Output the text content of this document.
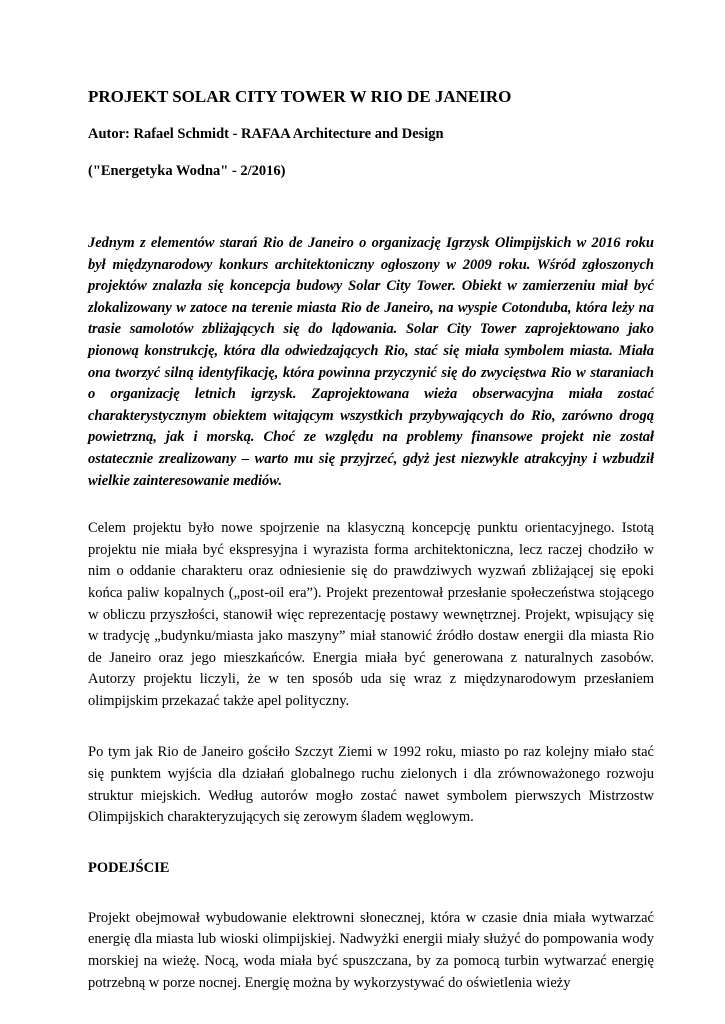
PROJEKT SOLAR CITY TOWER W RIO DE JANEIRO
Autor: Rafael Schmidt - RAFAA Architecture and Design
("Energetyka Wodna" - 2/2016)

Jednym z elementów starań Rio de Janeiro o organizację Igrzysk Olimpijskich w 2016 roku był międzynarodowy konkurs architektoniczny ogłoszony w 2009 roku. Wśród zgłoszonych projektów znalazła się koncepcja budowy Solar City Tower. Obiekt w zamierzeniu miał być zlokalizowany w zatoce na terenie miasta Rio de Janeiro, na wyspie Cotonduba, która leży na trasie samolotów zbliżających się do lądowania. Solar City Tower zaprojektowano jako pionową konstrukcję, która dla odwiedzających Rio, stać się miała symbolem miasta. Miała ona tworzyć silną identyfikację, która powinna przyczynić się do zwycięstwa Rio w staraniach o organizację letnich igrzysk. Zaprojektowana wieża obserwacyjna miała zostać charakterystycznym obiektem witającym wszystkich przybywających do Rio, zarówno drogą powietrzną, jak i morską. Choć ze względu na problemy finansowe projekt nie został ostatecznie zrealizowany – warto mu się przyjrzeć, gdyż jest niezwykle atrakcyjny i wzbudził wielkie zainteresowanie mediów.

Celem projektu było nowe spojrzenie na klasyczną koncepcję punktu orientacyjnego. Istotą projektu nie miała być ekspresyjna i wyrazista forma architektoniczna, lecz raczej chodziło w nim o oddanie charakteru oraz odniesienie się do prawdziwych wyzwań zbliżającej się epoki końca paliw kopalnych („post-oil era”). Projekt prezentował przesłanie społeczeństwa stojącego w obliczu przyszłości, stanowił więc reprezentację postawy wewnętrznej. Projekt, wpisujący się w tradycję „budynku/miasta jako maszyny” miał stanowić źródło dostaw energii dla miasta Rio de Janeiro oraz jego mieszkańców. Energia miała być generowana z naturalnych zasobów. Autorzy projektu liczyli, że w ten sposób uda się wraz z międzynarodowym przesłaniem olimpijskim przekazać także apel polityczny.

Po tym jak Rio de Janeiro gościło Szczyt Ziemi w 1992 roku, miasto po raz kolejny miało stać się punktem wyjścia dla działań globalnego ruchu zielonych i dla zrównoważonego rozwoju struktur miejskich. Według autorów mogło zostać nawet symbolem pierwszych Mistrzostw Olimpijskich charakteryzujących się zerowym śladem węglowym.

PODEJŚCIE

Projekt obejmował wybudowanie elektrowni słonecznej, która w czasie dnia miała wytwarzać energię dla miasta lub wioski olimpijskiej. Nadwyżki energii miały służyć do pompowania wody morskiej na wieżę. Nocą, woda miała być spuszczana, by za pomocą turbin wytwarzać energię potrzebną w porze nocnej. Energię można by wykorzystywać do oświetlenia wieży
